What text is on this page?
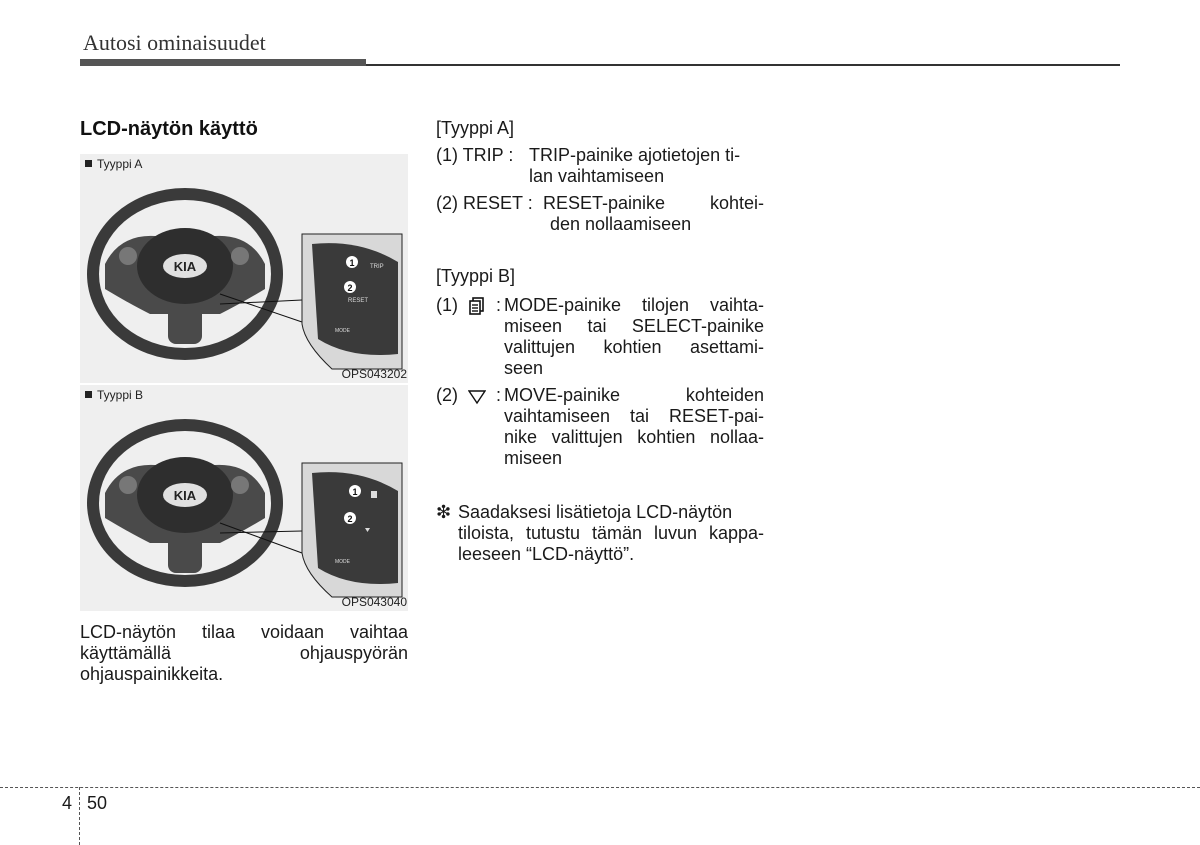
Autosi ominaisuudet
LCD-näytön käyttö
KIA	1	TRIP
2
RESET
MODE
Tyyppi A
OPS043202
KIA	1
2
MODE
Tyyppi B
OPS043040
LCD-näytön tilaa voidaan vaihtaa käyttämällä ohjauspyörän ohjauspainikkeita.
[Tyyppi A]
(1) TRIP : TRIP-painike ajotietojen ti-
lan vaihtamiseen
(2) RESET : RESET-painike kohtei-
den nollaamiseen
[Tyyppi B]
(1) : MODE-painike tilojen vaihta-
miseen tai SELECT-painike
valittujen kohtien asettami-
seen
(2) : MOVE-painike kohteiden
vaihtamiseen tai RESET-pai-
nike valittujen kohtien nollaa-
miseen
❇ Saadaksesi lisätietoja LCD-näytön
tiloista, tutustu tämän luvun kappa-
leeseen “LCD-näyttö”.
4 50
